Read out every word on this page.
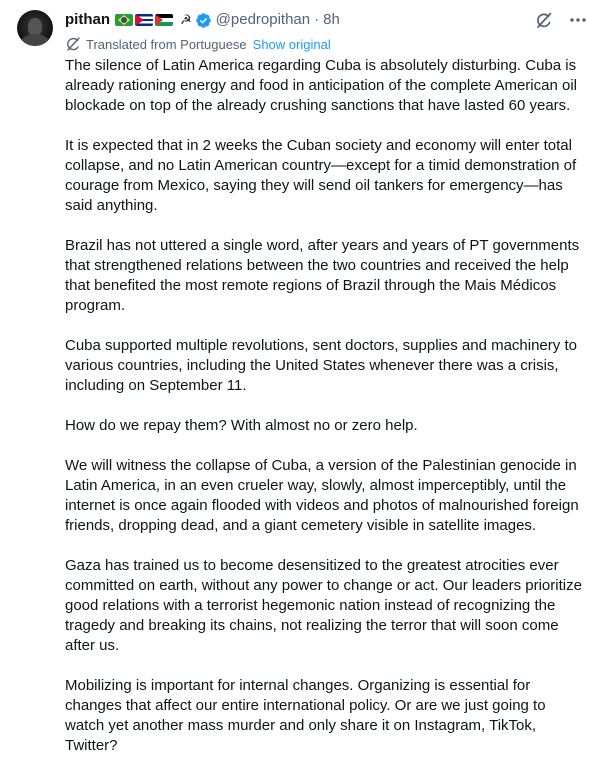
pithan	☭ @pedropithan · 8h
Translated from Portuguese Show original

The silence of Latin America regarding Cuba is absolutely disturbing. Cuba is already rationing energy and food in anticipation of the complete American oil blockade on top of the already crushing sanctions that have lasted 60 years.

It is expected that in 2 weeks the Cuban society and economy will enter total collapse, and no Latin American country—except for a timid demonstration of courage from Mexico, saying they will send oil tankers for emergency—has said anything.

Brazil has not uttered a single word, after years and years of PT governments that strengthened relations between the two countries and received the help that benefited the most remote regions of Brazil through the Mais Médicos program.

Cuba supported multiple revolutions, sent doctors, supplies and machinery to various countries, including the United States whenever there was a crisis, including on September 11.

How do we repay them? With almost no or zero help.

We will witness the collapse of Cuba, a version of the Palestinian genocide in Latin America, in an even crueler way, slowly, almost imperceptibly, until the internet is once again flooded with videos and photos of malnourished foreign friends, dropping dead, and a giant cemetery visible in satellite images.

Gaza has trained us to become desensitized to the greatest atrocities ever committed on earth, without any power to change or act. Our leaders prioritize good relations with a terrorist hegemonic nation instead of recognizing the tragedy and breaking its chains, not realizing the terror that will soon come after us.

Mobilizing is important for internal changes. Organizing is essential for changes that affect our entire international policy. Or are we just going to watch yet another mass murder and only share it on Instagram, TikTok, Twitter?
